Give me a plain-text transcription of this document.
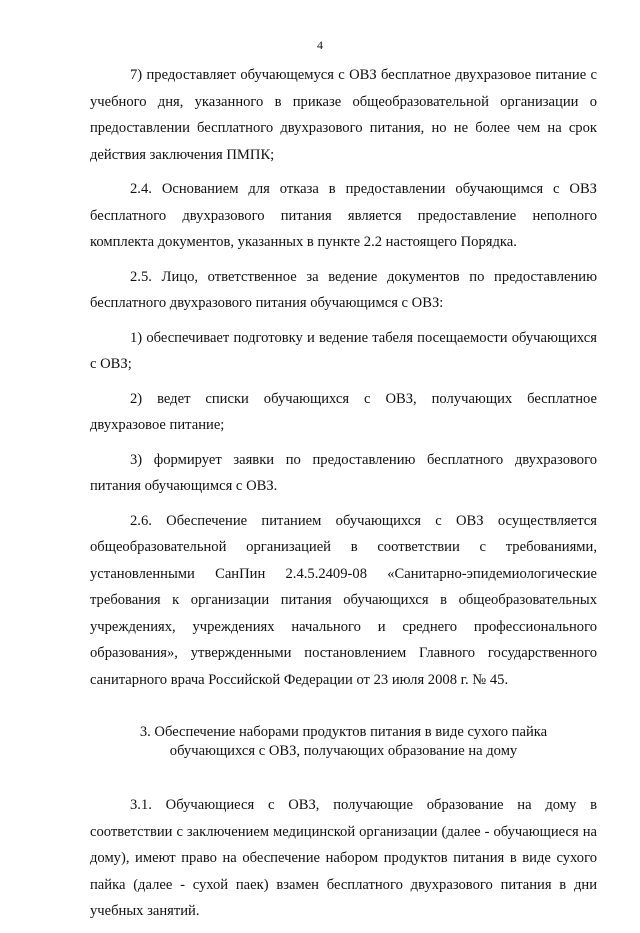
4

7) предоставляет обучающемуся с ОВЗ бесплатное двухразовое питание с учебного дня, указанного в приказе общеобразовательной организации о предоставлении бесплатного двухразового питания, но не более чем на срок действия заключения ПМПК;

2.4. Основанием для отказа в предоставлении обучающимся с ОВЗ бесплатного двухразового питания является предоставление неполного комплекта документов, указанных в пункте 2.2 настоящего Порядка.

2.5. Лицо, ответственное за ведение документов по предоставлению бесплатного двухразового питания обучающимся с ОВЗ:

1) обеспечивает подготовку и ведение табеля посещаемости обучающихся с ОВЗ;

2) ведет списки обучающихся с ОВЗ, получающих бесплатное двухразовое питание;

3) формирует заявки по предоставлению бесплатного двухразового питания обучающимся с ОВЗ.

2.6. Обеспечение питанием обучающихся с ОВЗ осуществляется общеобразовательной организацией в соответствии с требованиями, установленными СанПин 2.4.5.2409-08 «Санитарно-эпидемиологические требования к организации питания обучающихся в общеобразовательных учреждениях, учреждениях начального и среднего профессионального образования», утвержденными постановлением Главного государственного санитарного врача Российской Федерации от 23 июля 2008 г. № 45.

3. Обеспечение наборами продуктов питания в виде сухого пайка
обучающихся с ОВЗ, получающих образование на дому

3.1. Обучающиеся с ОВЗ, получающие образование на дому в соответствии с заключением медицинской организации (далее - обучающиеся на дому), имеют право на обеспечение набором продуктов питания в виде сухого пайка (далее - сухой паек) взамен бесплатного двухразового питания в дни учебных занятий.
